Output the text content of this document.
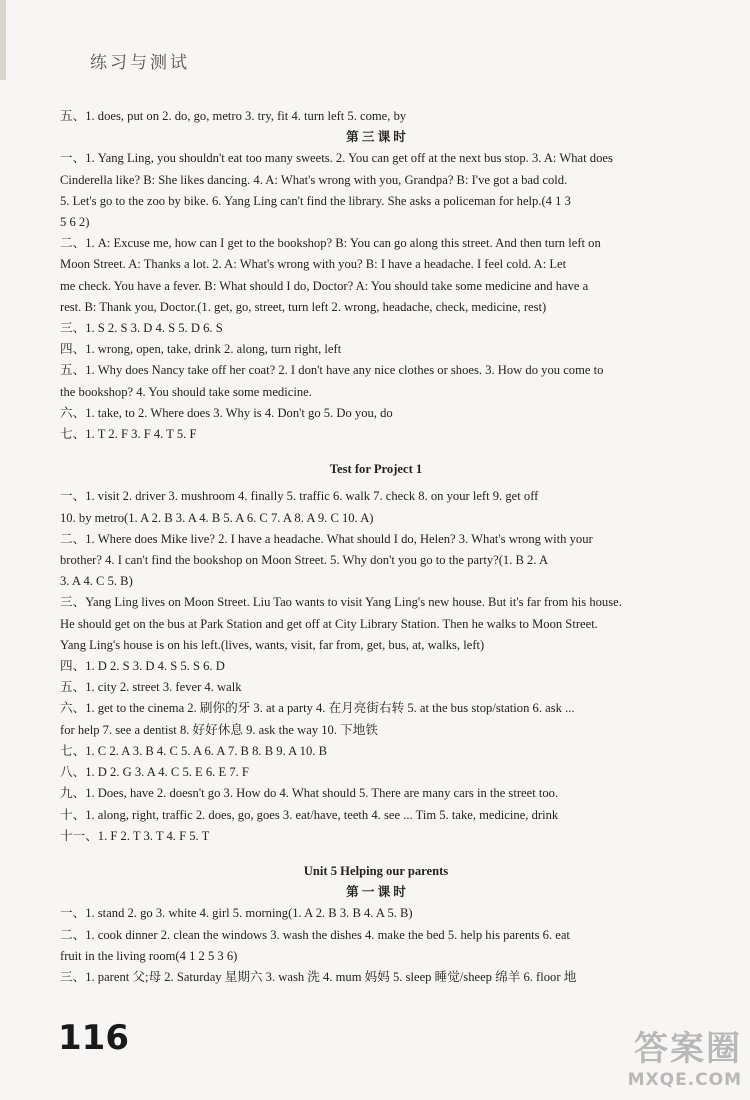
练习与测试
五、1. does, put on 2. do, go, metro 3. try, fit 4. turn left 5. come, by
第 三 课 时
一、1. Yang Ling, you shouldn't eat too many sweets. 2. You can get off at the next bus stop. 3. A: What does
Cinderella like? B: She likes dancing. 4. A: What's wrong with you, Grandpa? B: I've got a bad cold.
5. Let's go to the zoo by bike. 6. Yang Ling can't find the library. She asks a policeman for help.(4 1 3
5 6 2)
二、1. A: Excuse me, how can I get to the bookshop? B: You can go along this street. And then turn left on
Moon Street. A: Thanks a lot. 2. A: What's wrong with you? B: I have a headache. I feel cold. A: Let
me check. You have a fever. B: What should I do, Doctor? A: You should take some medicine and have a
rest. B: Thank you, Doctor.(1. get, go, street, turn left 2. wrong, headache, check, medicine, rest)
三、1. S 2. S 3. D 4. S 5. D 6. S
四、1. wrong, open, take, drink 2. along, turn right, left
五、1. Why does Nancy take off her coat? 2. I don't have any nice clothes or shoes. 3. How do you come to
the bookshop? 4. You should take some medicine.
六、1. take, to 2. Where does 3. Why is 4. Don't go 5. Do you, do
七、1. T 2. F 3. F 4. T 5. F
Test for Project 1
一、1. visit 2. driver 3. mushroom 4. finally 5. traffic 6. walk 7. check 8. on your left 9. get off
10. by metro(1. A 2. B 3. A 4. B 5. A 6. C 7. A 8. A 9. C 10. A)
二、1. Where does Mike live? 2. I have a headache. What should I do, Helen? 3. What's wrong with your
brother? 4. I can't find the bookshop on Moon Street. 5. Why don't you go to the party?(1. B 2. A
3. A 4. C 5. B)
三、Yang Ling lives on Moon Street. Liu Tao wants to visit Yang Ling's new house. But it's far from his house.
He should get on the bus at Park Station and get off at City Library Station. Then he walks to Moon Street.
Yang Ling's house is on his left.(lives, wants, visit, far from, get, bus, at, walks, left)
四、1. D 2. S 3. D 4. S 5. S 6. D
五、1. city 2. street 3. fever 4. walk
六、1. get to the cinema 2. 刷你的牙 3. at a party 4. 在月亮街右转 5. at the bus stop/station 6. ask ...
for help 7. see a dentist 8. 好好休息 9. ask the way 10. 下地铁
七、1. C 2. A 3. B 4. C 5. A 6. A 7. B 8. B 9. A 10. B
八、1. D 2. G 3. A 4. C 5. E 6. E 7. F
九、1. Does, have 2. doesn't go 3. How do 4. What should 5. There are many cars in the street too.
十、1. along, right, traffic 2. does, go, goes 3. eat/have, teeth 4. see ... Tim 5. take, medicine, drink
十一、1. F 2. T 3. T 4. F 5. T
Unit 5 Helping our parents
第 一 课 时
一、1. stand 2. go 3. white 4. girl 5. morning(1. A 2. B 3. B 4. A 5. B)
二、1. cook dinner 2. clean the windows 3. wash the dishes 4. make the bed 5. help his parents 6. eat
fruit in the living room(4 1 2 5 3 6)
三、1. parent 父;母 2. Saturday 星期六 3. wash 洗 4. mum 妈妈 5. sleep 睡觉/sheep 绵羊 6. floor 地
116	答案圈
MXQE.COM
